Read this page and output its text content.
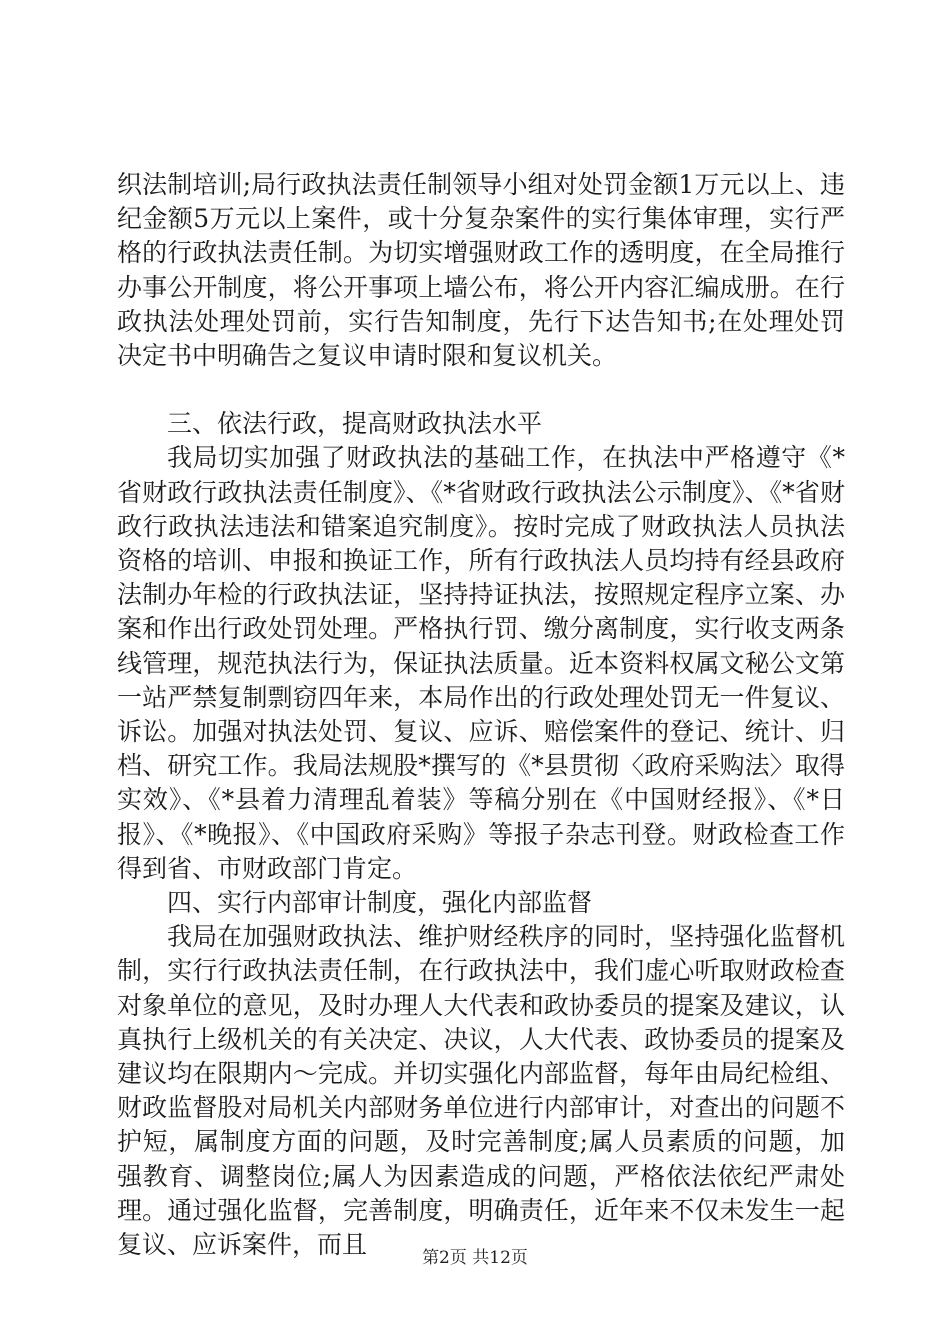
织法制培训;局行政执法责任制领导小组对处罚金额1万元以上、违纪金额5万元以上案件，或十分复杂案件的实行集体审理，实行严格的行政执法责任制。为切实增强财政工作的透明度，在全局推行办事公开制度，将公开事项上墙公布，将公开内容汇编成册。在行政执法处理处罚前，实行告知制度，先行下达告知书;在处理处罚决定书中明确告之复议申请时限和复议机关。

三、依法行政，提高财政执法水平

我局切实加强了财政执法的基础工作，在执法中严格遵守《*省财政行政执法责任制度》、《*省财政行政执法公示制度》、《*省财政行政执法违法和错案追究制度》。按时完成了财政执法人员执法资格的培训、申报和换证工作，所有行政执法人员均持有经县政府法制办年检的行政执法证，坚持持证执法，按照规定程序立案、办案和作出行政处罚处理。严格执行罚、缴分离制度，实行收支两条线管理，规范执法行为，保证执法质量。近本资料权属文秘公文第一站严禁复制剽窃四年来，本局作出的行政处理处罚无一件复议、诉讼。加强对执法处罚、复议、应诉、赔偿案件的登记、统计、归档、研究工作。我局法规股*撰写的《*县贯彻〈政府采购法〉取得实效》、《*县着力清理乱着装》等稿分别在《中国财经报》、《*日报》、《*晚报》、《中国政府采购》等报子杂志刊登。财政检查工作得到省、市财政部门肯定。

四、实行内部审计制度，强化内部监督

我局在加强财政执法、维护财经秩序的同时，坚持强化监督机制，实行行政执法责任制，在行政执法中，我们虚心听取财政检查对象单位的意见，及时办理人大代表和政协委员的提案及建议，认真执行上级机关的有关决定、决议，人大代表、政协委员的提案及建议均在限期内～完成。并切实强化内部监督，每年由局纪检组、财政监督股对局机关内部财务单位进行内部审计，对查出的问题不护短，属制度方面的问题，及时完善制度;属人员素质的问题，加强教育、调整岗位;属人为因素造成的问题，严格依法依纪严肃处理。通过强化监督，完善制度，明确责任，近年来不仅未发生一起复议、应诉案件，而且	第2页 共12页
